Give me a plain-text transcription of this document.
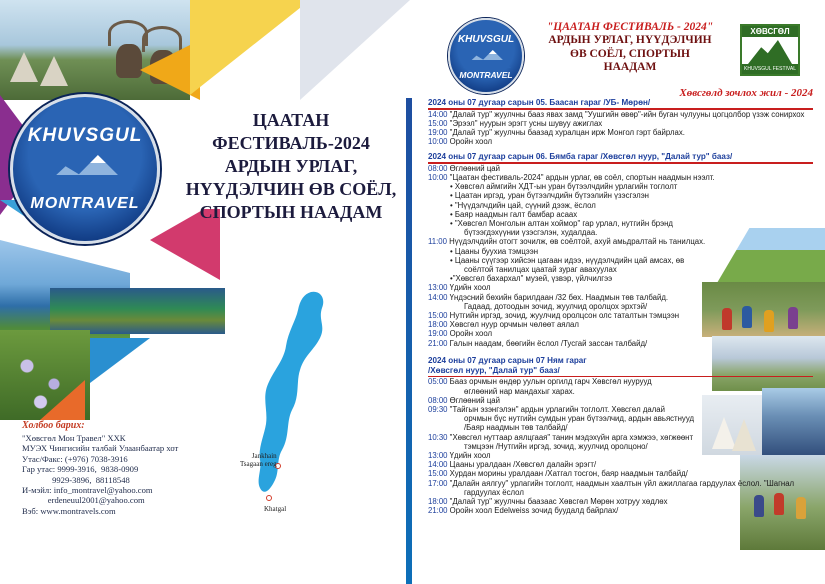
KHUVSGUL
MONTRAVEL
ЦААТАН ФЕСТИВАЛЬ-2024
АРДЫН УРЛАГ,
НҮҮДЭЛЧИН ӨВ СОЁЛ,
СПОРТЫН НААДАМ
Jankhain
Tsagaan ereg
Khatgal
Холбоо барих:
"Хөвсгөл Мон Травел" ХХК
МУЭХ Чингисийн талбай Улаанбаатар хот
Утас/Факс: (+976) 7038-3916
Гар утас: 9999-3916,  9838-0909
9929-3896,  88118548
И-мэйл: info_montravel@yahoo.com
erdeneuul2001@yahoo.com
Вэб: www.montravels.com
KHUVSGUL
MONTRAVEL
"ЦААТАН ФЕСТИВАЛЬ - 2024"
АРДЫН УРЛАГ, НҮҮДЭЛЧИН
ӨВ СОЁЛ, СПОРТЫН
НААДАМ
ХӨВСГӨЛ
KHUVSGUL FESTIVAL
Хөвсгөлд зочлох жил - 2024
2024 оны 07 дугаар сарын 05. Баасан гараг /УБ- Мөрөн/
14:00 "Далай тур" жуулчны бааз явах замд "Уушгийн өвөр"-ийн буган чулууны цогцолбор үзэж сонирхох
15:00 "Эрээл" нуурын эрэгт усны шувуу ажиглах
19:00 "Далай тур" жуулчны баазад хуралцан ирж Монгол гэрт байрлах.
10:00 Оройн хоол
2024 оны 07 дугаар сарын 06. Бямба гараг /Хөвсгөл нуур, "Далай тур" бааз/
08:00 Өглөөний цай
10:00 "Цаатан фестиваль-2024" ардын урлаг, өв соёл, спортын наадмын нээлт.
• Хөвсгөл аймгийн ХДТ-ын уран бүтээлчдийн урлагийн тоглолт
• Цаатан иргэд, уран бүтээлчдийн бүтээлийн үзэсгэлэн
• "Нүүдэлчдийн цай, сүүний дээж, ёслол
• Баяр наадмын галт бамбар асаах
• "Хөвсгөл Монголын алтан хоймор" гар урлал, нутгийн брэнд
бүтээгдэхүүнии үзэсгэлэн, худалдаа.
11:00 Нүүдэлчдийн отогт зочилж, өв соёлтой, ахуй амьдралтай нь танилцах.
• Цааны буухиа тэмцээн
• Цааны сүүгээр хийсэн цагаан идээ, нүүдэлчдийн цай амсах, өв
соёлтой танилцах цаатай зураг авахуулах
•"Хөвсгөл бахархал" музей, үзвэр, үйлчилгээ
13:00 Үдийн хоол
14:00 Үндэсний бөхийн барилдаан /32 бөх. Наадмын төв талбайд.
Гадаад, дотоодын зочид, жуулчид оролцох эрхтэй/
15:00 Нутгийн иргэд, зочид, жуулчид оролцсон олс таталтын тэмцээн
18:00 Хөвсгөл нуур орчмын чөлөөт аялал
19:00 Оройн хоол
21:00 Галын наадам, бөөгийн ёслол /Тусгай зассан талбайд/
2024 оны 07 дугаар сарын 07 Ням гараг
/Хөвсгөл нуур, "Далай тур" бааз/
05:00 Бааз орчмын өндөр уулын оргилд гарч Хөвсгөл нуурууд
өглөөний нар мандахыг харах.
08:00 Өглөөний цай
09:30 "Тайгын эзэнгэлэн" ардын урлагийн тоглолт. Хөвсгөл далай
орчмын бүс нутгийн сумдын уран бүтээлчид, ардын авьястнууд
/Баяр наадмын төв талбайд/
10:30 "Хөвсгөл нуттаар аялцгаая" танин мэдэхүйн арга хэмжээ, хөгжөөнт
тэмцээн /Нутгийн иргэд, зочид, жуулчид оролцоно/
13:00 Үдийн хоол
14:00 Цааны уралдаан /Хөвсгөл далайн эрэгт/
15:00 Хурдан морины уралдаан /Хатгал тосгон, баяр наадмын талбайд/
17:00 "Далайн аялгуу" урлагийн тоглолт, наадмын хаалтын үйл ажиллагаа гардуулах ёслол. "Шагнал
гардуулах ёслол
18:00 "Далай тур" жуулчны баазаас Хөвсгөл Мөрөн хотруу хөдлөх
21:00 Оройн хоол Edelweiss зочид буудалд байрлах/
